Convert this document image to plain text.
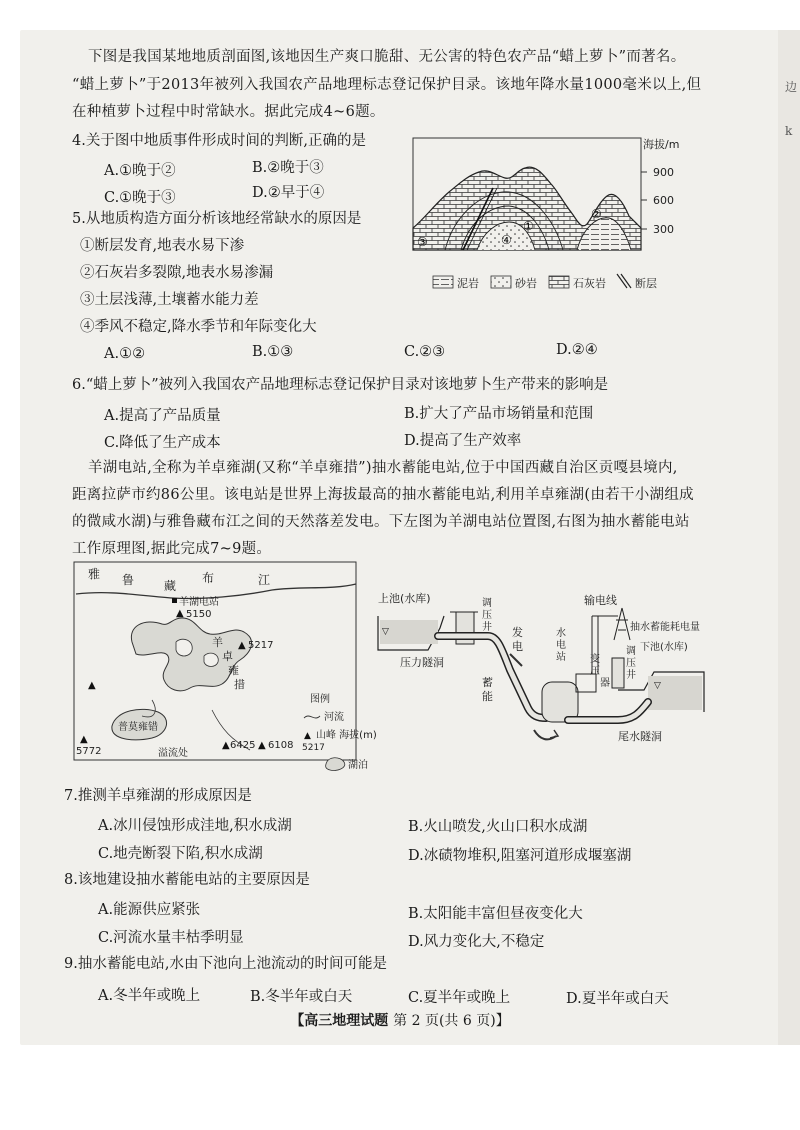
边
k
下图是我国某地地质剖面图,该地因生产爽口脆甜、无公害的特色农产品“蜡上萝卜”而著名。
“蜡上萝卜”于2013年被列入我国农产品地理标志登记保护目录。该地年降水量1000毫米以上,但
在种植萝卜过程中时常缺水。据此完成4~6题。
4.关于图中地质事件形成时间的判断,正确的是
A.①晚于②	B.②晚于③
C.①晚于③	D.②早于④
5.从地质构造方面分析该地经常缺水的原因是
①断层发育,地表水易下渗
②石灰岩多裂隙,地表水易渗漏
③土层浅薄,土壤蓄水能力差
④季风不稳定,降水季节和年际变化大
A.①②	B.①③	C.②③	D.②④
海拔/m
900
600
300
③	④
①
②
泥岩	砂岩	石灰岩	断层
6.“蜡上萝卜”被列入我国农产品地理标志登记保护目录对该地萝卜生产带来的影响是
A.提高了产品质量	B.扩大了产品市场销量和范围
C.降低了生产成本	D.提高了生产效率
羊湖电站,全称为羊卓雍湖(又称“羊卓雍措”)抽水蓄能电站,位于中国西藏自治区贡嘎县境内,
距离拉萨市约86公里。该电站是世界上海拔最高的抽水蓄能电站,利用羊卓雍湖(由若干小湖组成
的微咸水湖)与雅鲁藏布江之间的天然落差发电。下左图为羊湖电站位置图,右图为抽水蓄能电站
工作原理图,据此完成7~9题。
雅 鲁 藏
布	江
羊湖电站
羊
卓
雍
措
普莫雍错
溢流处
▲ 5150
▲ 5217
▲
▲
5772
▲ 6425 ▲ 6108
图例
河流
▲ 山峰 海拔(m)
5217
湖泊
▽
上池(水库)	调
压
井
压力隧洞
发
电
蓄
能
水
电
站 变
压
器
输电线
抽水蓄能耗电量
调
压
井
下池(水库)
▽
尾水隧洞
7.推测羊卓雍湖的形成原因是
A.冰川侵蚀形成洼地,积水成湖	B.火山喷发,火山口积水成湖
C.地壳断裂下陷,积水成湖	D.冰碛物堆积,阻塞河道形成堰塞湖
8.该地建设抽水蓄能电站的主要原因是
A.能源供应紧张	B.太阳能丰富但昼夜变化大
C.河流水量丰枯季明显	D.风力变化大,不稳定
9.抽水蓄能电站,水由下池向上池流动的时间可能是
A.冬半年或晚上	B.冬半年或白天	C.夏半年或晚上	D.夏半年或白天
【高三地理试题 第 2 页(共 6 页)】
